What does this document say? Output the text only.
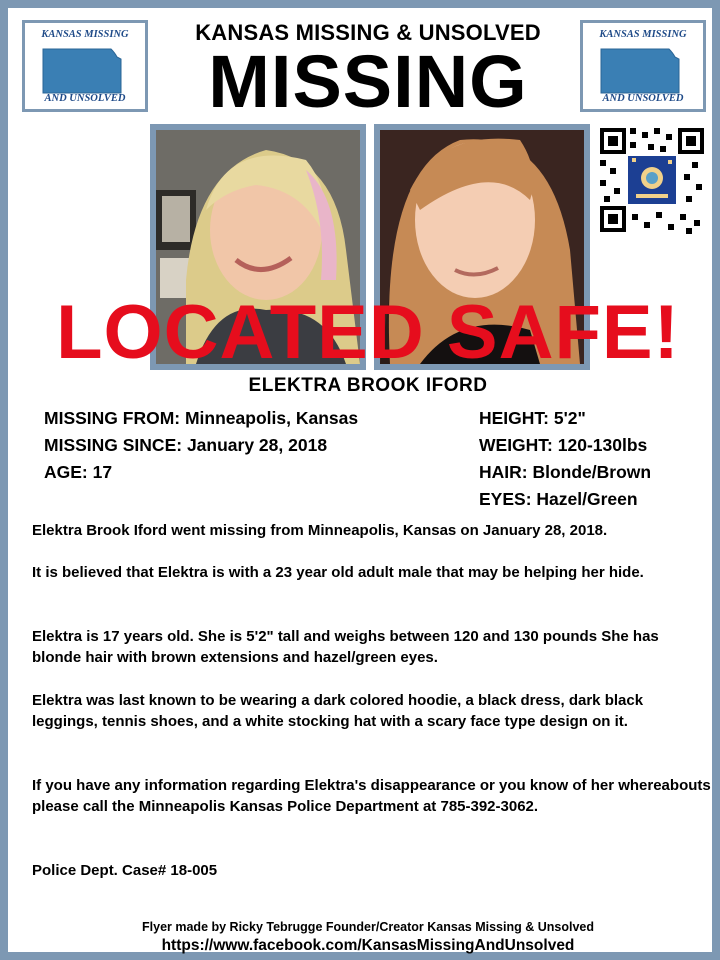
KANSAS MISSING
AND UNSOLVED
KANSAS MISSING
AND UNSOLVED
KANSAS MISSING & UNSOLVED
MISSING
LOCATED SAFE!
ELEKTRA BROOK IFORD
MISSING FROM: Minneapolis, Kansas
MISSING SINCE: January 28, 2018
AGE: 17
HEIGHT: 5'2"
WEIGHT: 120-130lbs
HAIR: Blonde/Brown
EYES: Hazel/Green
Elektra Brook Iford went missing from Minneapolis, Kansas on January 28, 2018.
It is believed that Elektra is with a 23 year old adult male that may be helping her hide.
Elektra is 17 years old. She is 5'2" tall and weighs between 120 and 130 pounds She has blonde hair with brown extensions and hazel/green eyes.
Elektra was last known to be wearing a dark colored hoodie, a black dress, dark black leggings, tennis shoes, and a white stocking hat with a scary face type design on it.
If you have any information regarding Elektra's disappearance or you know of her whereabouts please call the Minneapolis Kansas Police Department at 785-392-3062.
Police Dept. Case# 18-005
Flyer made by Ricky Tebrugge Founder/Creator Kansas Missing & Unsolved
https://www.facebook.com/KansasMissingAndUnsolved
